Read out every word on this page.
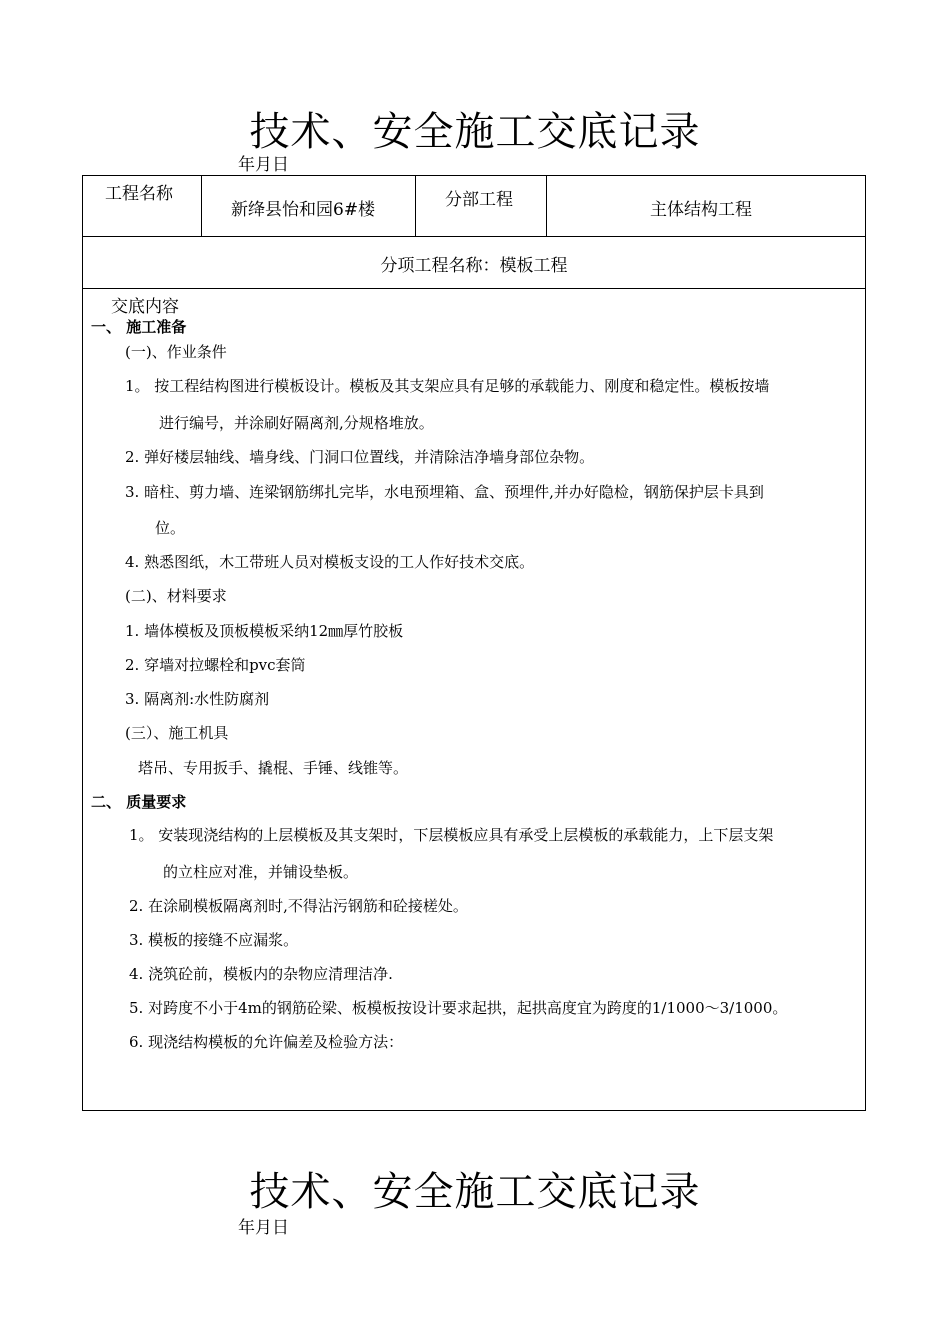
技术、安全施工交底记录
年月日
工程名称
新绛县怡和园6#楼	分部工程	主体结构工程
分项工程名称：模板工程
交底内容
一、 施工准备
(一)、作业条件
1。 按工程结构图进行模板设计。模板及其支架应具有足够的承载能力、刚度和稳定性。模板按墙
进行编号，并涂刷好隔离剂,分规格堆放。
2. 弹好楼层轴线、墙身线、门洞口位置线，并清除洁净墙身部位杂物。
3. 暗柱、剪力墙、连梁钢筋绑扎完毕，水电预埋箱、盒、预埋件,并办好隐检，钢筋保护层卡具到
位。
4. 熟悉图纸，木工带班人员对模板支设的工人作好技术交底。
(二)、材料要求
1. 墙体模板及顶板模板采纳12㎜厚竹胶板
2. 穿墙对拉螺栓和pvc套筒
3. 隔离剂:水性防腐剂
(三）、施工机具
塔吊、专用扳手、撬棍、手锤、线锥等。
二、 质量要求
1。 安装现浇结构的上层模板及其支架时，下层模板应具有承受上层模板的承载能力，上下层支架
的立柱应对准，并铺设垫板。
2. 在涂刷模板隔离剂时,不得沾污钢筋和砼接槎处。
3. 模板的接缝不应漏浆。
4. 浇筑砼前，模板内的杂物应清理洁净.
5. 对跨度不小于4m的钢筋砼梁、板模板按设计要求起拱，起拱高度宜为跨度的1/1000～3/1000。
6. 现浇结构模板的允许偏差及检验方法：
技术、安全施工交底记录
年月日
